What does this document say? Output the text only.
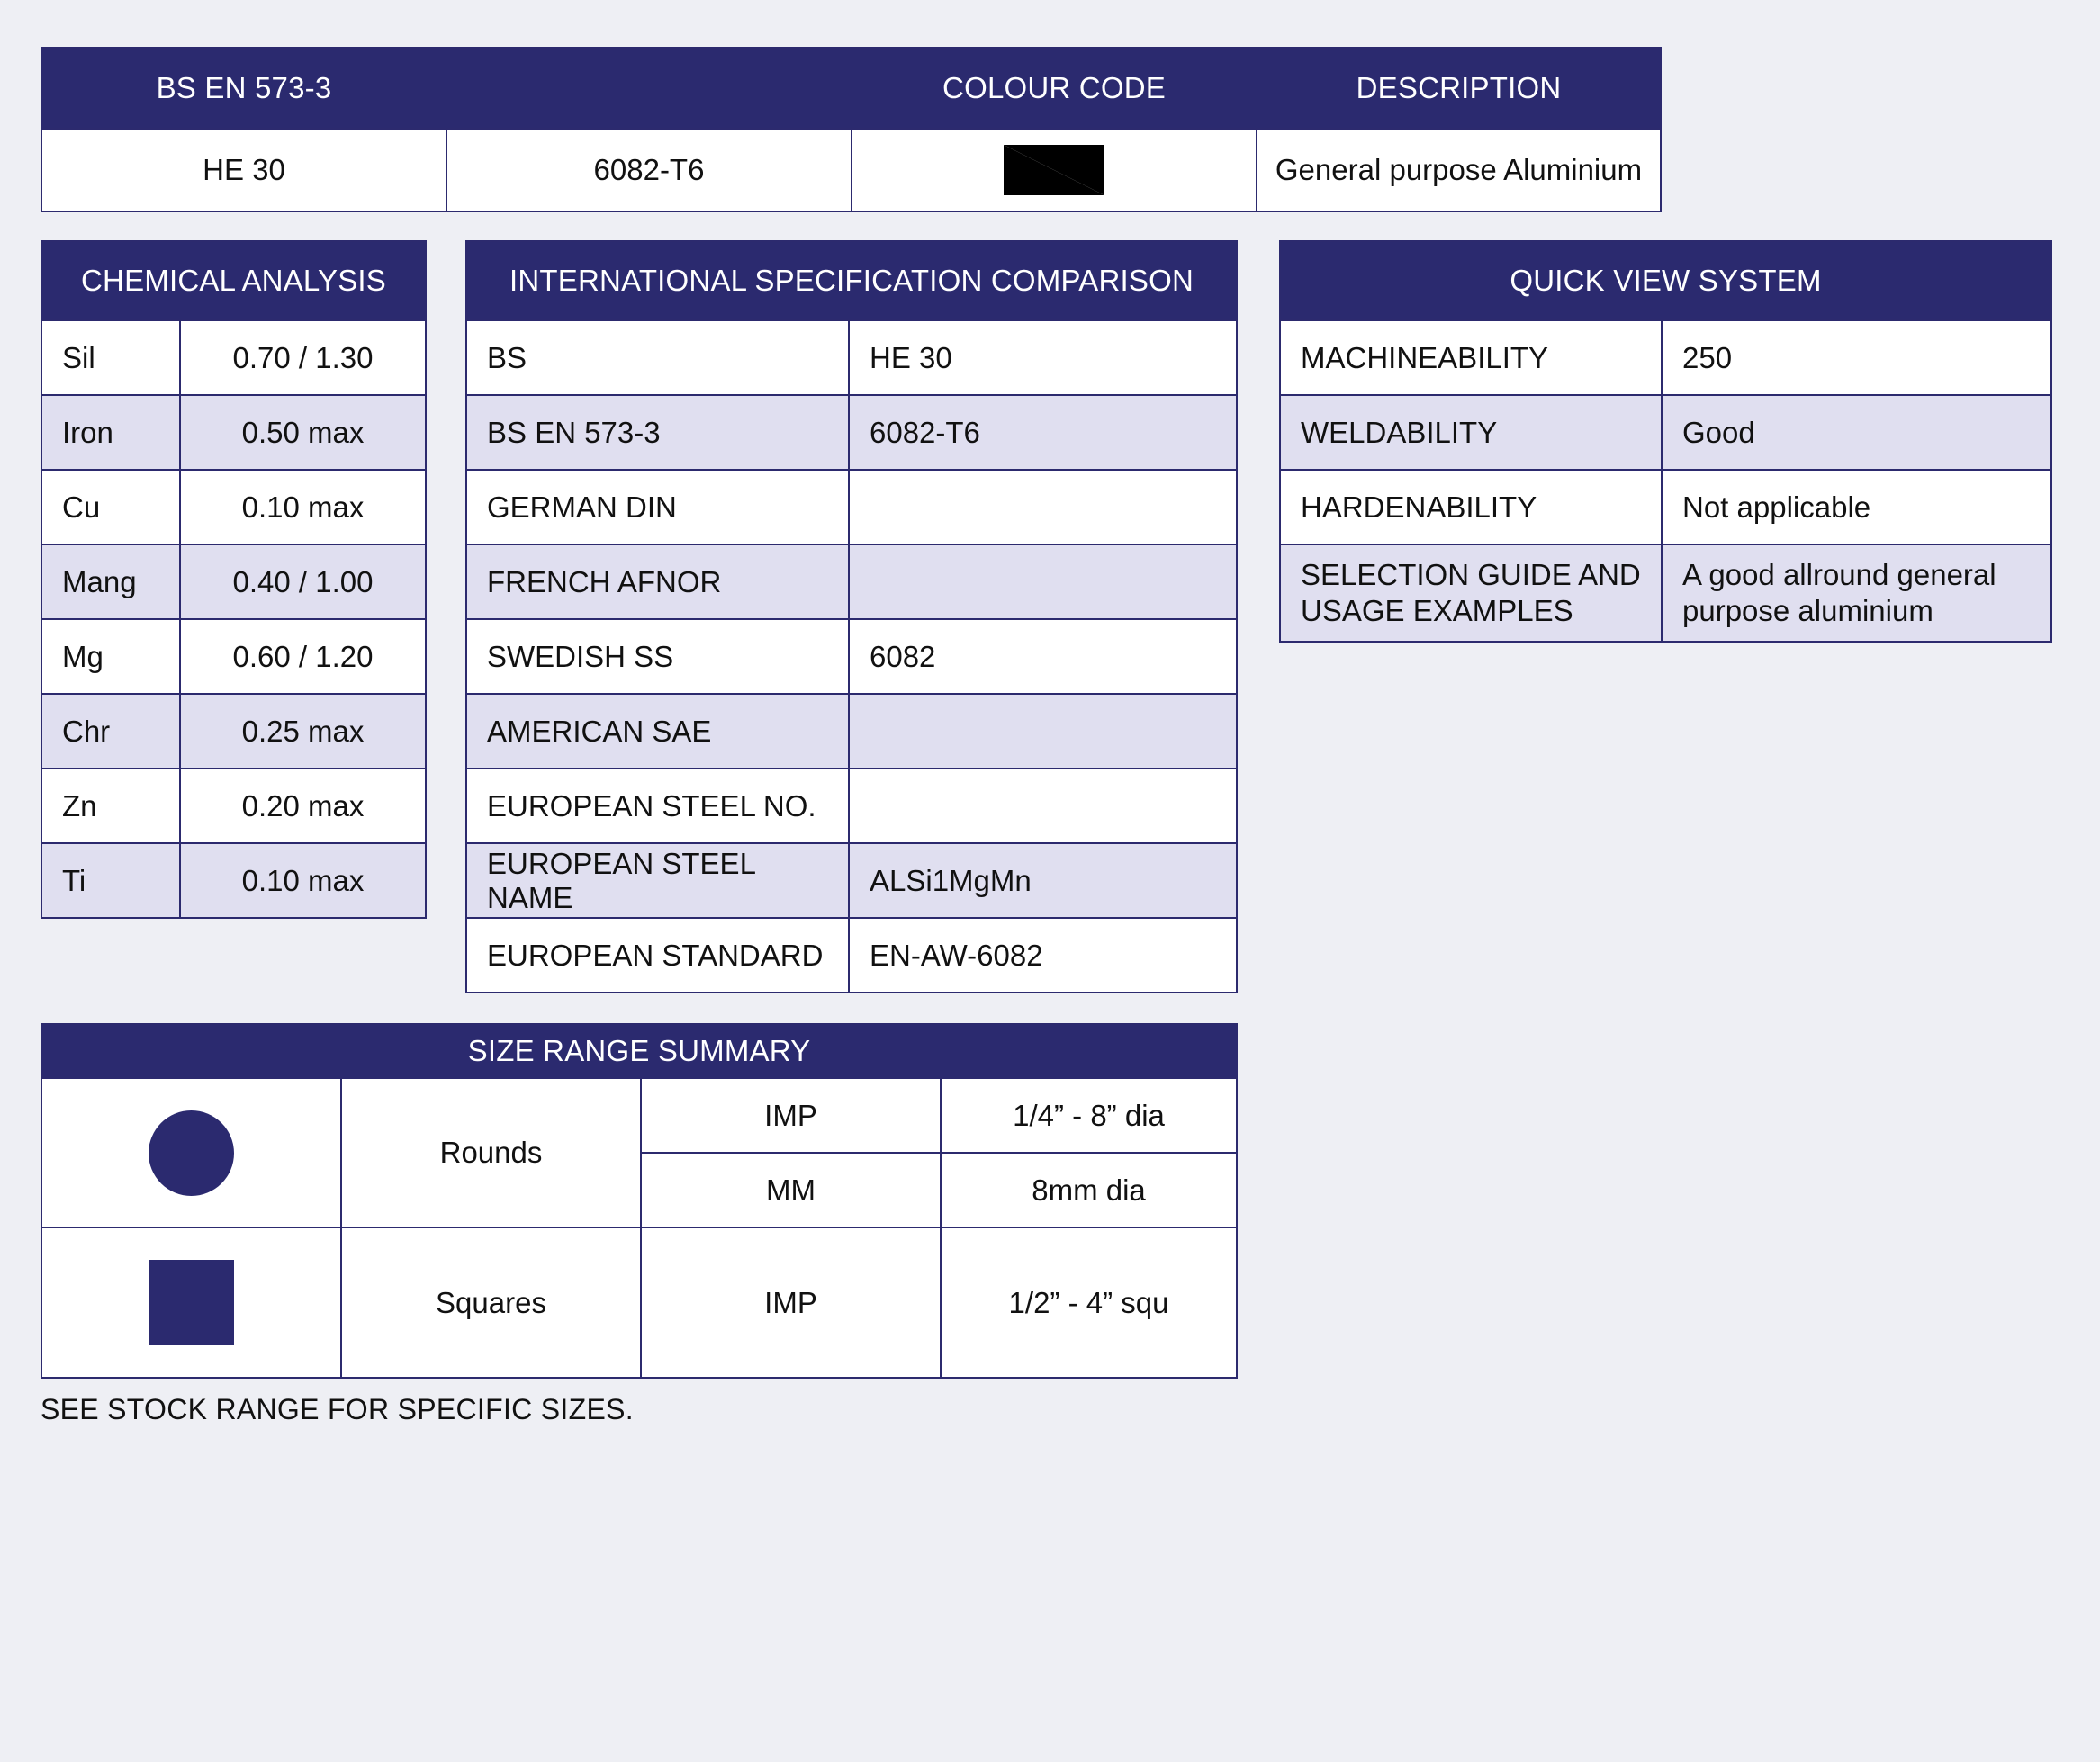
BS EN 573-3		COLOUR CODE	DESCRIPTION
HE 30	6082-T6		General purpose Aluminium
CHEMICAL ANALYSIS	
Sil	0.70 / 1.30
Iron	0.50 max
Cu	0.10 max
Mang	0.40 / 1.00
Mg	0.60 / 1.20
Chr	0.25 max
Zn	0.20 max
Ti	0.10 max
INTERNATIONAL SPECIFICATION COMPARISON	
BS	HE 30
BS EN 573-3	6082-T6
GERMAN DIN	
FRENCH AFNOR	
SWEDISH SS	6082
AMERICAN SAE	
EUROPEAN STEEL NO.	
EUROPEAN STEEL NAME	ALSi1MgMn
EUROPEAN STANDARD	EN-AW-6082
QUICK VIEW SYSTEM	
MACHINEABILITY	250
WELDABILITY	Good
HARDENABILITY	Not applicable
SELECTION GUIDE AND USAGE EXAMPLES	A good allround general purpose aluminium
SIZE RANGE SUMMARY			
	Rounds	IMP	1/4” - 8” dia
		MM	8mm dia
	Squares	IMP	1/2” - 4” squ
SEE STOCK RANGE FOR SPECIFIC SIZES.
